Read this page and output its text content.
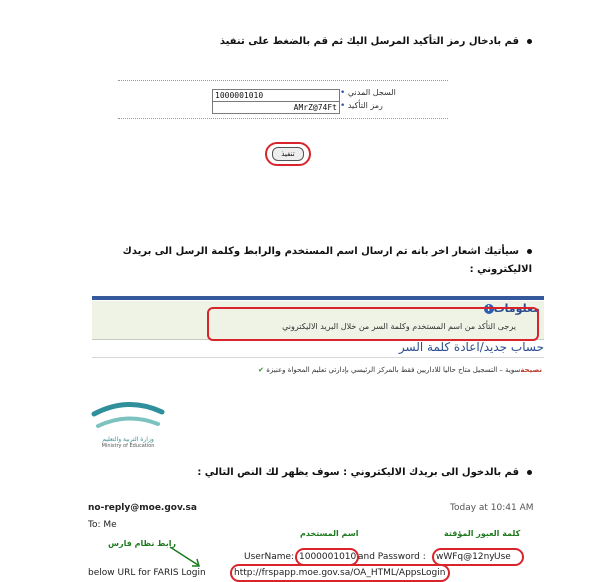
قم بادخال رمز التأكيد المرسل اليك ثم قم بالضغط على تنفيذ
1000001010	السجل المدني •
AMrZ@74Ft	رمز التأكيد •
تنفيذ
سيأتيك اشعار اخر بانه تم ارسال اسم المستخدم والرابط وكلمة الرسل الى بريدك
الاليكتروني :
معلوماتi
يرجى التأكد من اسم المستخدم وكلمة السر من خلال البريد الاليكتروني
حساب جديد/اعادة كلمة السر
نصيحةسوية – التسجيل متاح حاليا للاداريين فقط بالمركز الرئيسي بإدارتي تعليم المحواة وعنيزة ✔
وزارة التربية والتعليم
Ministry of Education
قم بالدخول الى بريدك الاليكتروني : سوف يظهر لك النص التالي :
no-reply@moe.gov.sa	Today at 10:41 AM
To: Me
كلمة العبور المؤقتة
اسم المستخدم
رابط نظام فارس
UserName: 1000001010 and Password : wWFq@12ny Use
below URL for FARIS Login	http://frspapp.moe.gov.sa/OA_HTML/AppsLogin
